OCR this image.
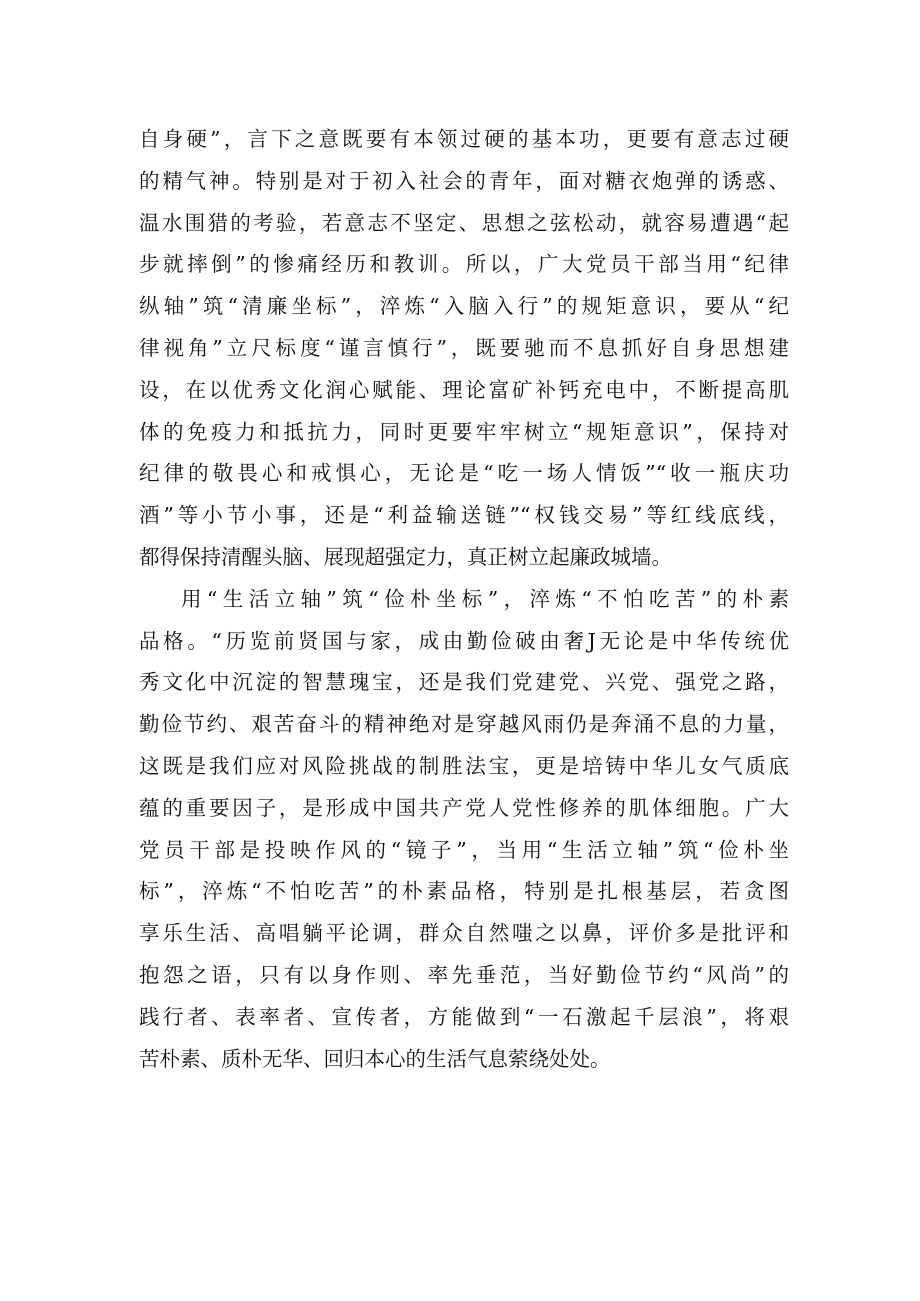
自身硬”，言下之意既要有本领过硬的基本功，更要有意志过硬
的精气神。特别是对于初入社会的青年，面对糖衣炮弹的诱惑、
温水围猎的考验，若意志不坚定、思想之弦松动，就容易遭遇“起
步就摔倒”的惨痛经历和教训。所以，广大党员干部当用“纪律
纵轴”筑“清廉坐标”，淬炼“入脑入行”的规矩意识，要从“纪
律视角”立尺标度“谨言慎行”，既要驰而不息抓好自身思想建
设，在以优秀文化润心赋能、理论富矿补钙充电中，不断提高肌
体的免疫力和抵抗力，同时更要牢牢树立“规矩意识”，保持对
纪律的敬畏心和戒惧心，无论是“吃一场人情饭”“收一瓶庆功
酒”等小节小事，还是“利益输送链”“权钱交易”等红线底线，
都得保持清醒头脑、展现超强定力，真正树立起廉政城墙。
用“生活立轴”筑“俭朴坐标”，淬炼“不怕吃苦”的朴素
品格。“历览前贤国与家，成由勤俭破由奢J无论是中华传统优
秀文化中沉淀的智慧瑰宝，还是我们党建党、兴党、强党之路，
勤俭节约、艰苦奋斗的精神绝对是穿越风雨仍是奔涌不息的力量，
这既是我们应对风险挑战的制胜法宝，更是培铸中华儿女气质底
蕴的重要因子，是形成中国共产党人党性修养的肌体细胞。广大
党员干部是投映作风的“镜子”，当用“生活立轴”筑“俭朴坐
标”，淬炼“不怕吃苦”的朴素品格，特别是扎根基层，若贪图
享乐生活、高唱躺平论调，群众自然嗤之以鼻，评价多是批评和
抱怨之语，只有以身作则、率先垂范，当好勤俭节约“风尚”的
践行者、表率者、宣传者，方能做到“一石激起千层浪”，将艰
苦朴素、质朴无华、回归本心的生活气息萦绕处处。
